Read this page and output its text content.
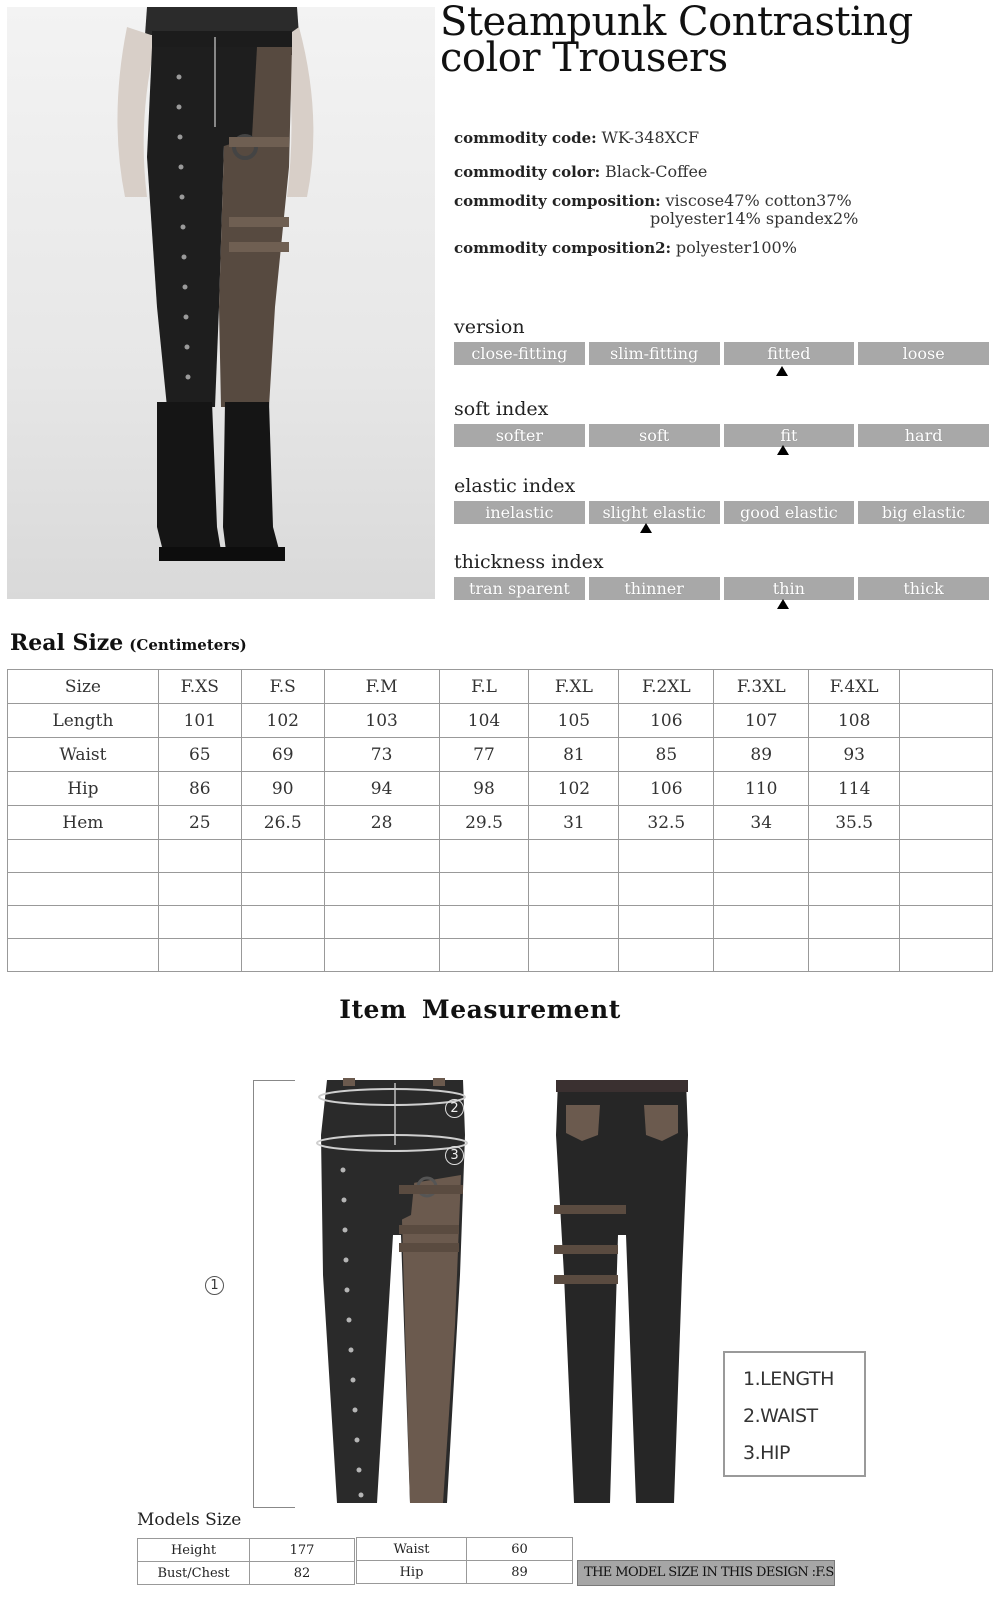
Steampunk Contrasting color Trousers
commodity code: WK-348XCF
commodity color: Black-Coffee
commodity composition: viscose47% cotton37%
polyester14% spandex2%
commodity composition2: polyester100%
version
close-fitting	slim-fitting	fitted	loose
soft index
softer	soft	fit	hard
elastic index
inelastic	slight elastic	good elastic	big elastic
thickness index
tran sparent	thinner	thin	thick
Real Size (Centimeters)
Size	F.XS	F.S	F.M	F.L	F.XL	F.2XL	F.3XL	F.4XL	
Length	101	102	103	104	105	106	107	108	
Waist	65	69	73	77	81	85	89	93	
Hip	86	90	94	98	102	106	110	114	
Hem	25	26.5	28	29.5	31	32.5	34	35.5	

Item Measurement
1
2
3
1.LENGTH
2.WAIST
3.HIP
Models Size
Height	177
Bust/Chest	82
Waist	60
Hip	89	THE MODEL SIZE IN THIS DESIGN :F.S
